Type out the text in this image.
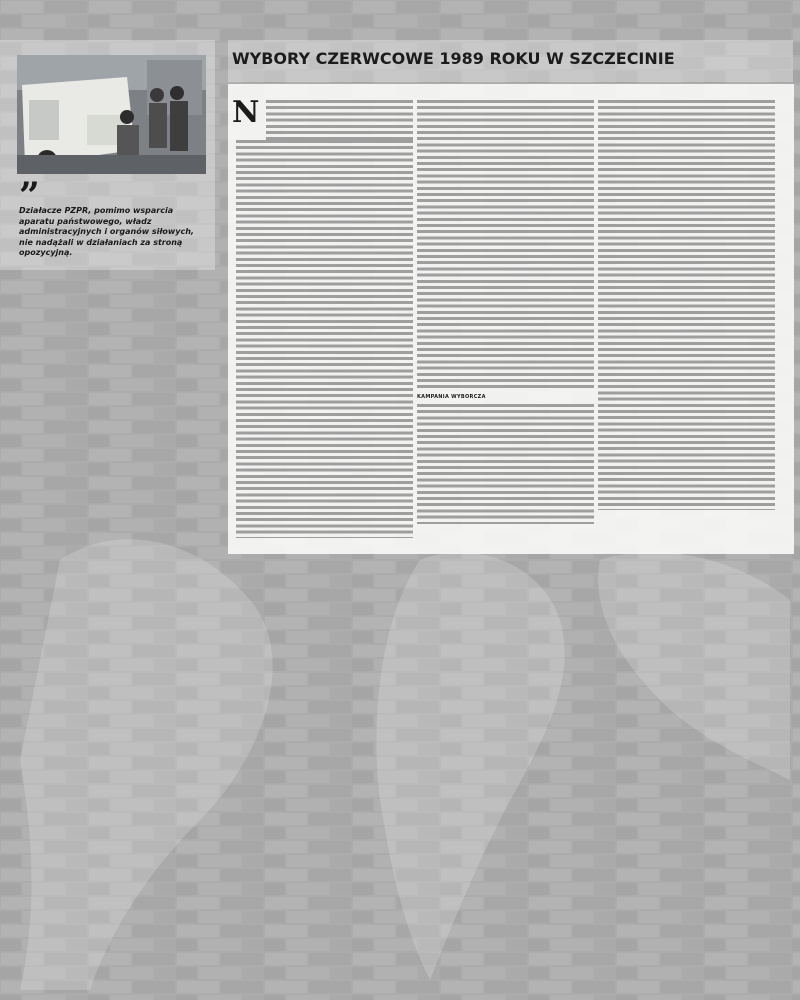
”

Działacze PZPR, pomimo wsparcia aparatu państwowego, władz administracyjnych i organów siłowych, nie nadążali w działaniach za stroną opozycyjną.

WYBORY CZERWCOWE 1989 ROKU W SZCZECINIE
N
KAMPANIA WYBORCZA
